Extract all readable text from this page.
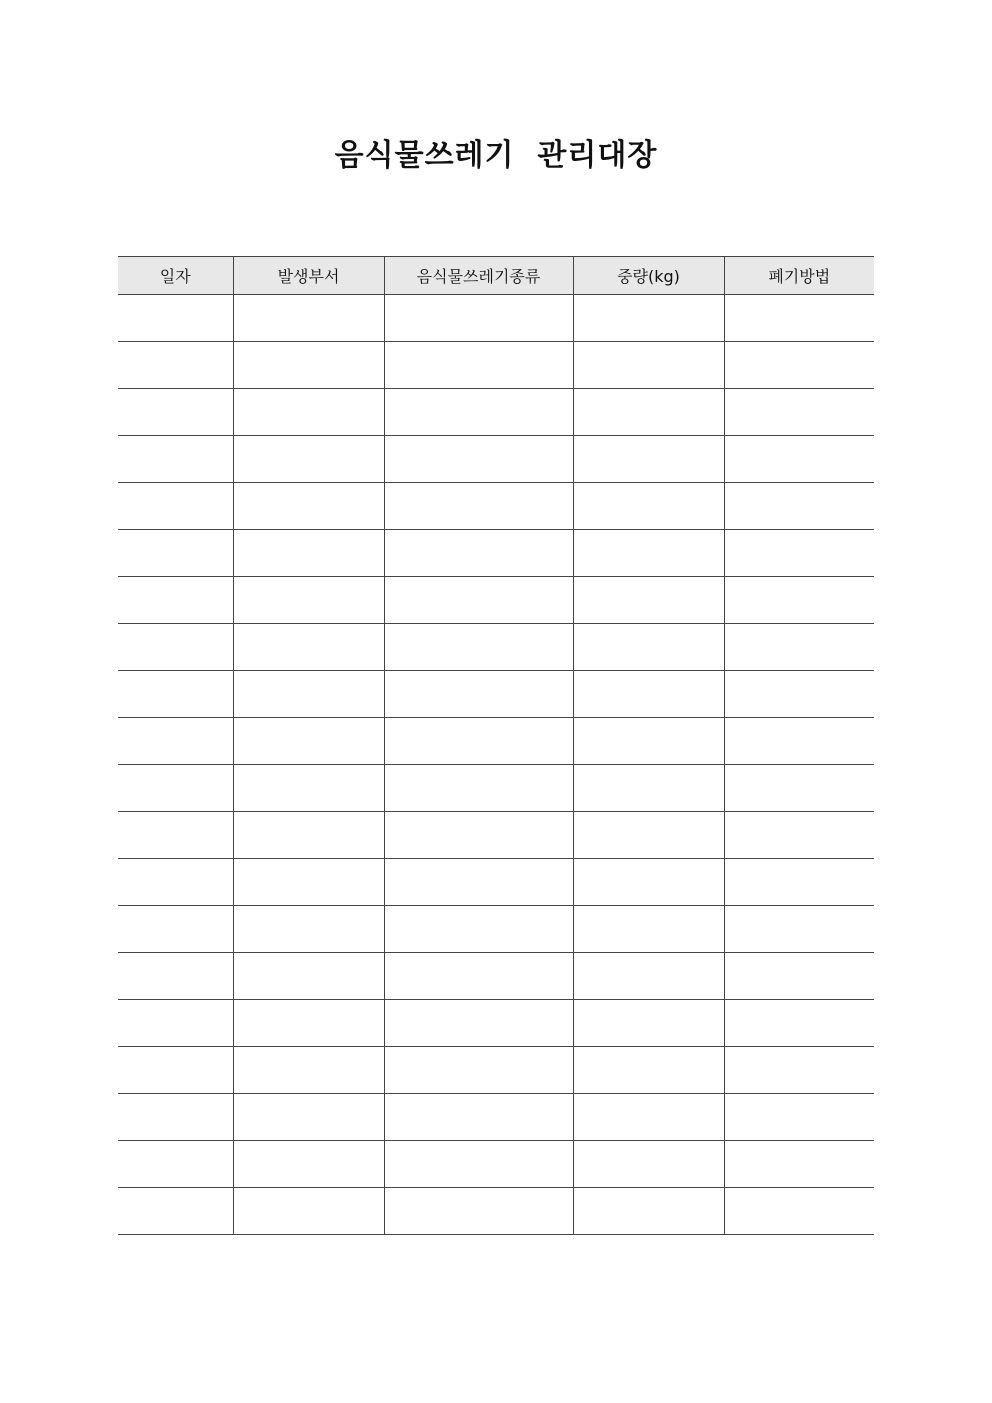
음식물쓰레기  관리대장
일자	발생부서	음식물쓰레기종류	중량(kg)	폐기방법
